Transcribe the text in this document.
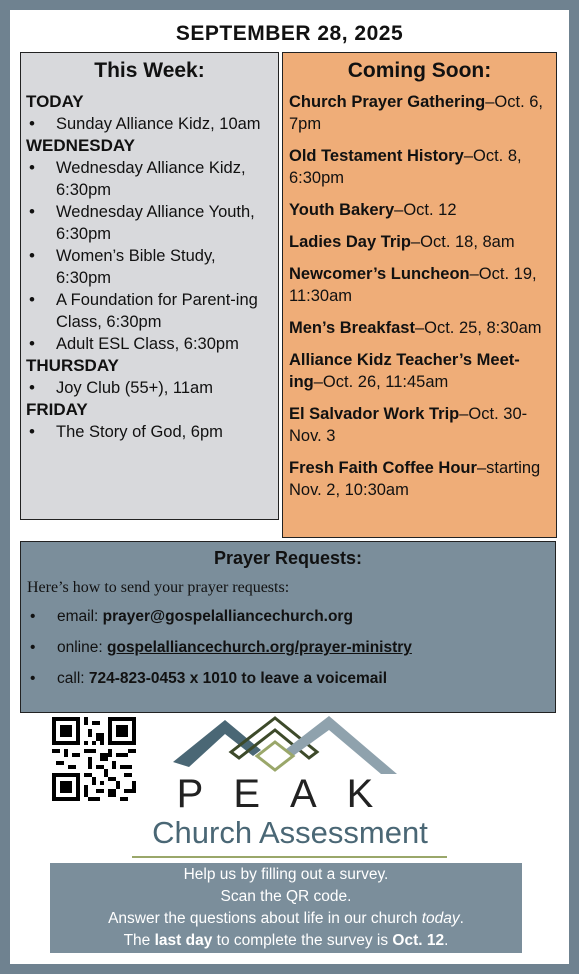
SEPTEMBER 28, 2025
This Week:
TODAY
• Sunday Alliance Kidz, 10am
WEDNESDAY
• Wednesday Alliance Kidz, 6:30pm
• Wednesday Alliance Youth, 6:30pm
• Women’s Bible Study, 6:30pm
• A Foundation for Parent-ing Class, 6:30pm
• Adult ESL Class, 6:30pm
THURSDAY
• Joy Club (55+), 11am
FRIDAY
• The Story of God, 6pm
Coming Soon:
Church Prayer Gathering–Oct. 6, 7pm
Old Testament History–Oct. 8, 6:30pm
Youth Bakery–Oct. 12
Ladies Day Trip–Oct. 18, 8am
Newcomer’s Luncheon–Oct. 19, 11:30am
Men’s Breakfast–Oct. 25, 8:30am
Alliance Kidz Teacher’s Meet-ing–Oct. 26, 11:45am
El Salvador Work Trip–Oct. 30-Nov. 3
Fresh Faith Coffee Hour–starting Nov. 2, 10:30am
Prayer Requests:
Here’s how to send your prayer requests:
• email: prayer@gospelalliancechurch.org
• online: gospelalliancechurch.org/prayer-ministry
• call: 724-823-0453 x 1010 to leave a voicemail
PEAK
Church Assessment
Help us by filling out a survey.
Scan the QR code.
Answer the questions about life in our church today.
The last day to complete the survey is Oct. 12.
